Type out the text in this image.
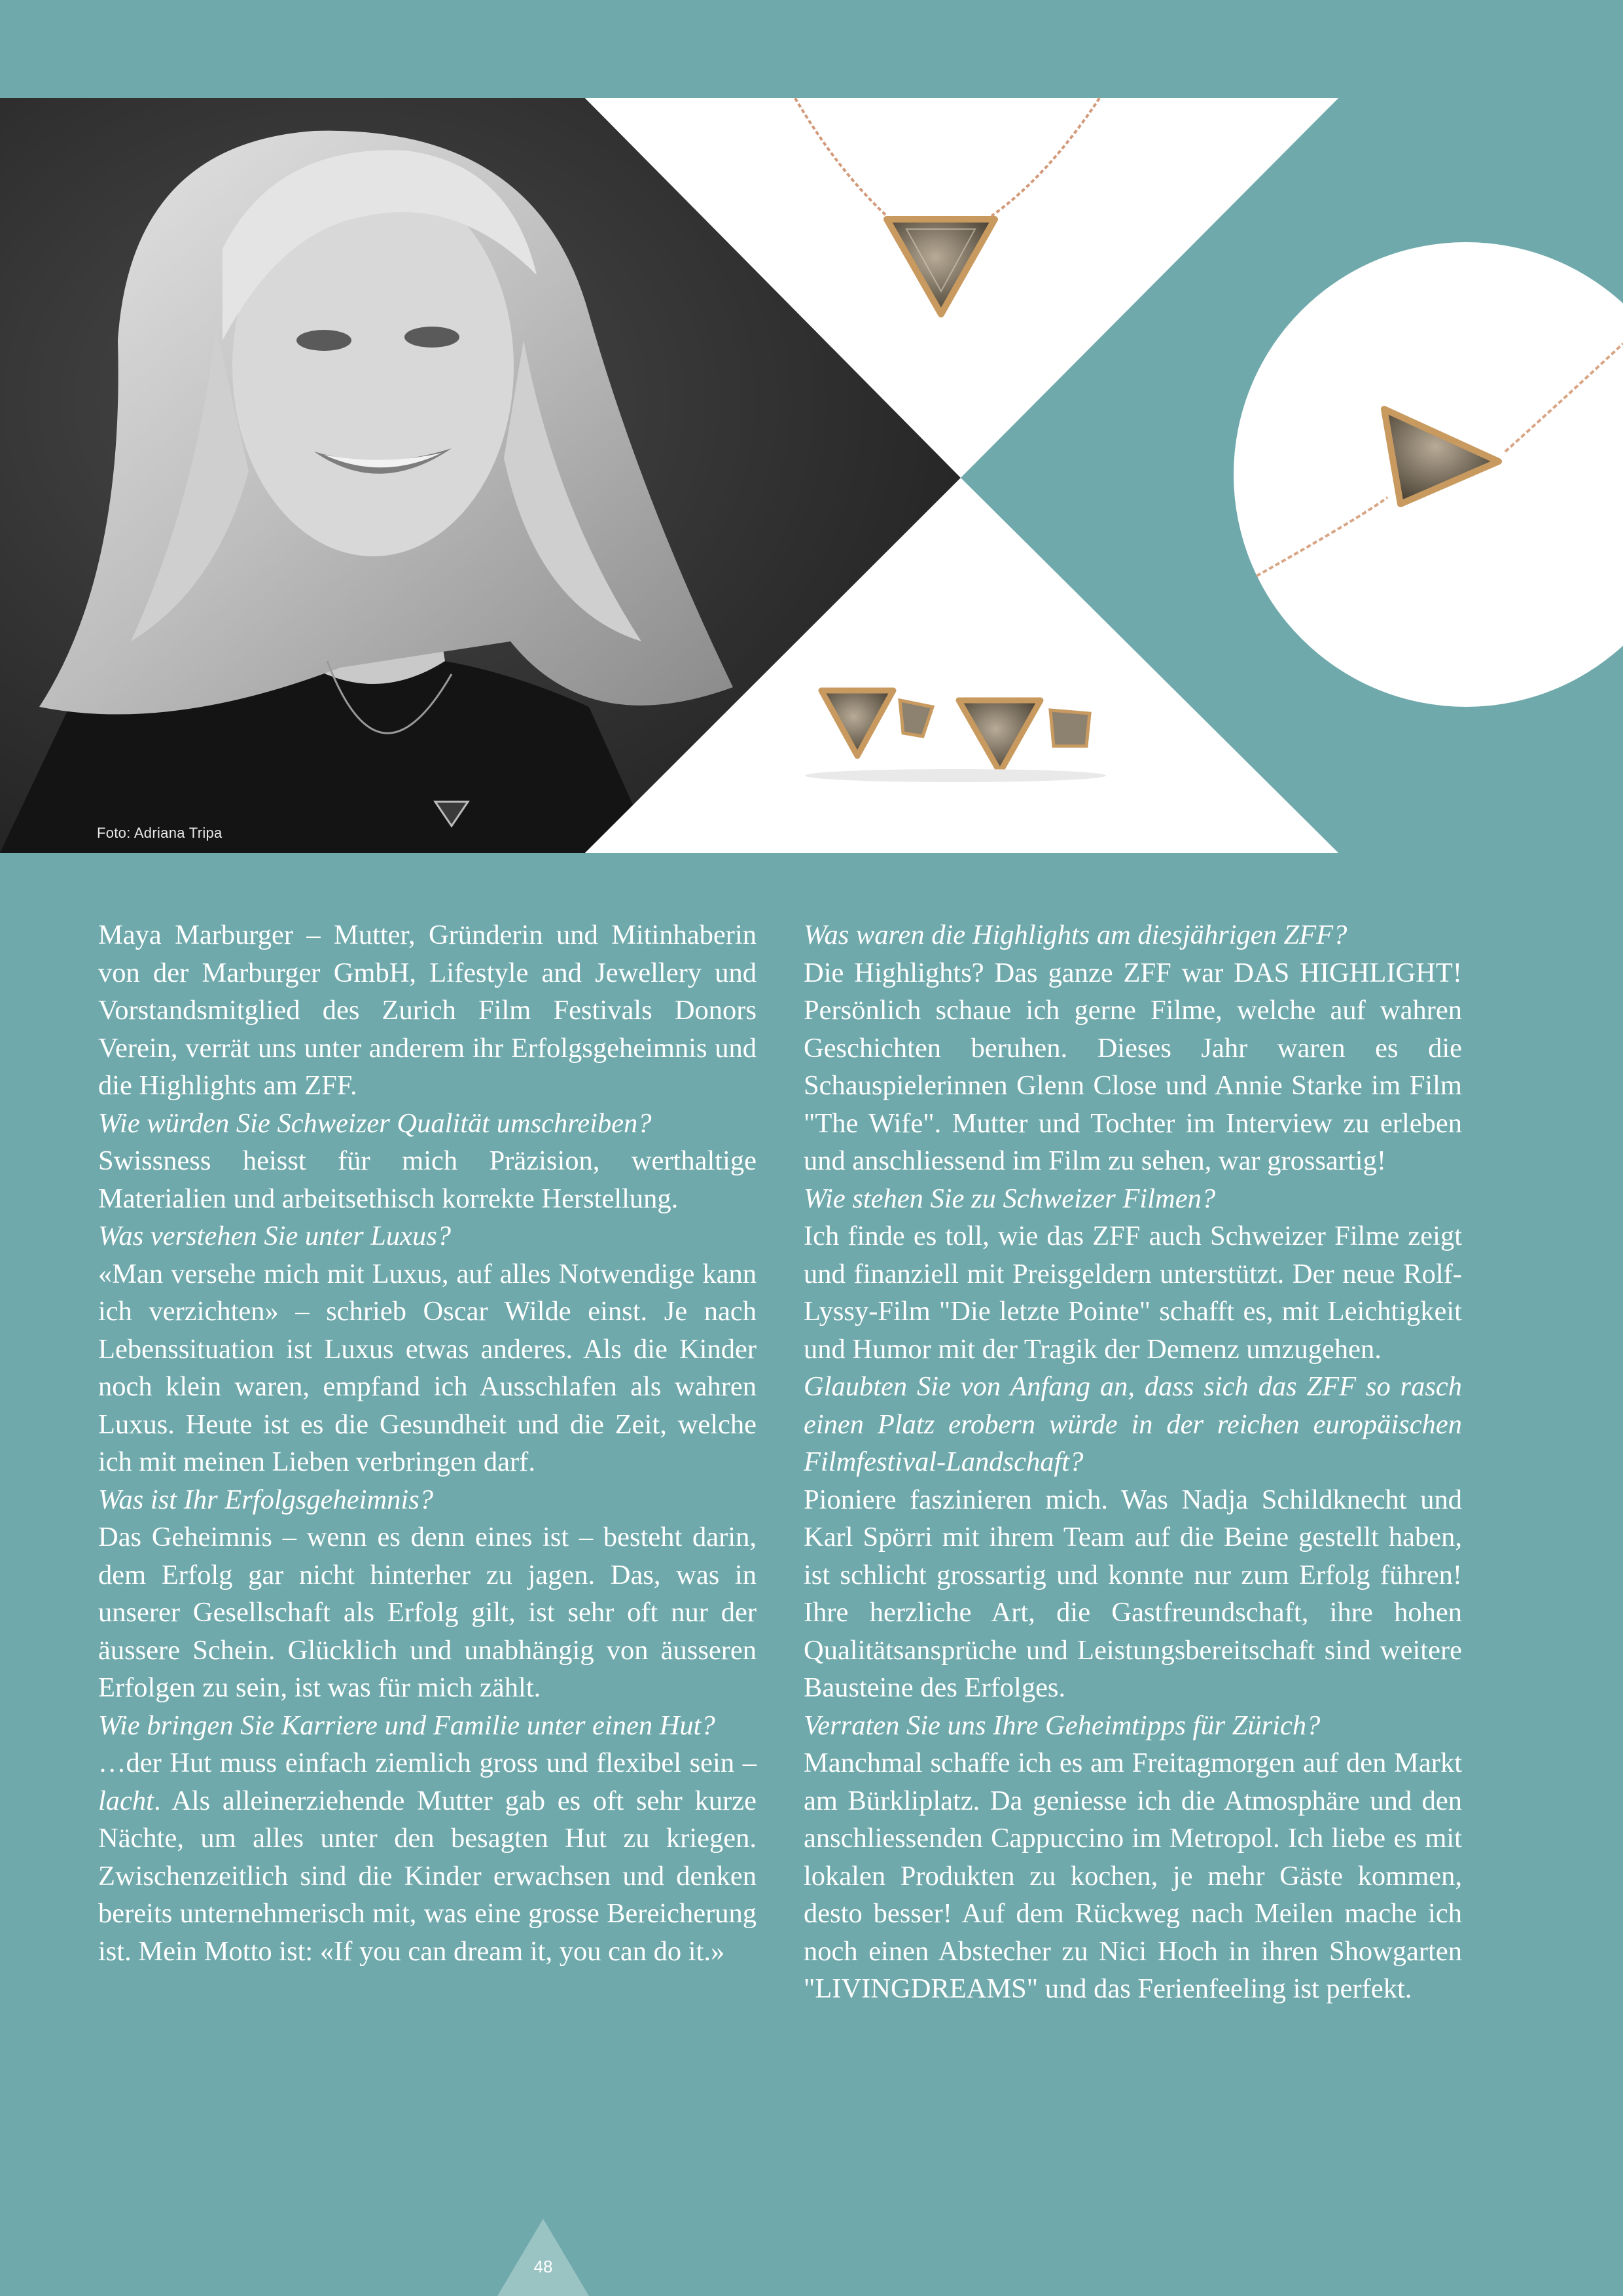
Foto: Adriana Tripa

Maya Marburger – Mutter, Gründerin und Mitinhaberin von der Marburger GmbH, Lifestyle and Jewellery und Vorstandsmitglied des Zurich Film Festivals Donors Verein, verrät uns unter anderem ihr Erfolgsgeheimnis und die Highlights am ZFF.

Wie würden Sie Schweizer Qualität umschreiben?

Swissness heisst für mich Präzision, werthaltige Materialien und arbeitsethisch korrekte Herstellung.

Was verstehen Sie unter Luxus?

«Man versehe mich mit Luxus, auf alles Notwendige kann ich verzichten» – schrieb Oscar Wilde einst. Je nach Lebenssituation ist Luxus etwas anderes. Als die Kinder noch klein waren, empfand ich Ausschlafen als wahren Luxus. Heute ist es die Gesundheit und die Zeit, welche ich mit meinen Lieben verbringen darf.

Was ist Ihr Erfolgsgeheimnis?

Das Geheimnis – wenn es denn eines ist – besteht darin, dem Erfolg gar nicht hinterher zu jagen. Das, was in unserer Gesellschaft als Erfolg gilt, ist sehr oft nur der äussere Schein. Glücklich und unabhängig von äusseren Erfolgen zu sein, ist was für mich zählt.

Wie bringen Sie Karriere und Familie unter einen Hut?

…der Hut muss einfach ziemlich gross und flexibel sein – lacht. Als alleinerziehende Mutter gab es oft sehr kurze Nächte, um alles unter den besagten Hut zu kriegen. Zwischenzeitlich sind die Kinder erwachsen und denken bereits unternehmerisch mit, was eine grosse Bereicherung ist. Mein Motto ist: «If you can dream it, you can do it.»

Was waren die Highlights am diesjährigen ZFF?

Die Highlights? Das ganze ZFF war DAS HIGHLIGHT! Persönlich schaue ich gerne Filme, welche auf wahren Geschichten beruhen. Dieses Jahr waren es die Schauspielerinnen Glenn Close und Annie Starke im Film "The Wife". Mutter und Tochter im Interview zu erleben und anschliessend im Film zu sehen, war grossartig!

Wie stehen Sie zu Schweizer Filmen?

Ich finde es toll, wie das ZFF auch Schweizer Filme zeigt und finanziell mit Preisgeldern unterstützt. Der neue Rolf-Lyssy-Film "Die letzte Pointe" schafft es, mit Leichtigkeit und Humor mit der Tragik der Demenz umzugehen.

Glaubten Sie von Anfang an, dass sich das ZFF so rasch einen Platz erobern würde in der reichen europäischen Filmfestival-Landschaft?

Pioniere faszinieren mich. Was Nadja Schildknecht und Karl Spörri mit ihrem Team auf die Beine gestellt haben, ist schlicht grossartig und konnte nur zum Erfolg führen! Ihre herzliche Art, die Gastfreundschaft, ihre hohen Qualitätsansprüche und Leistungsbereitschaft sind weitere Bausteine des Erfolges.

Verraten Sie uns Ihre Geheimtipps für Zürich?

Manchmal schaffe ich es am Freitagmorgen auf den Markt am Bürkliplatz. Da geniesse ich die Atmosphäre und den anschliessenden Cappuccino im Metropol. Ich liebe es mit lokalen Produkten zu kochen, je mehr Gäste kommen, desto besser! Auf dem Rückweg nach Meilen mache ich noch einen Abstecher zu Nici Hoch in ihren Showgarten "LIVINGDREAMS" und das Ferienfeeling ist perfekt.

48
